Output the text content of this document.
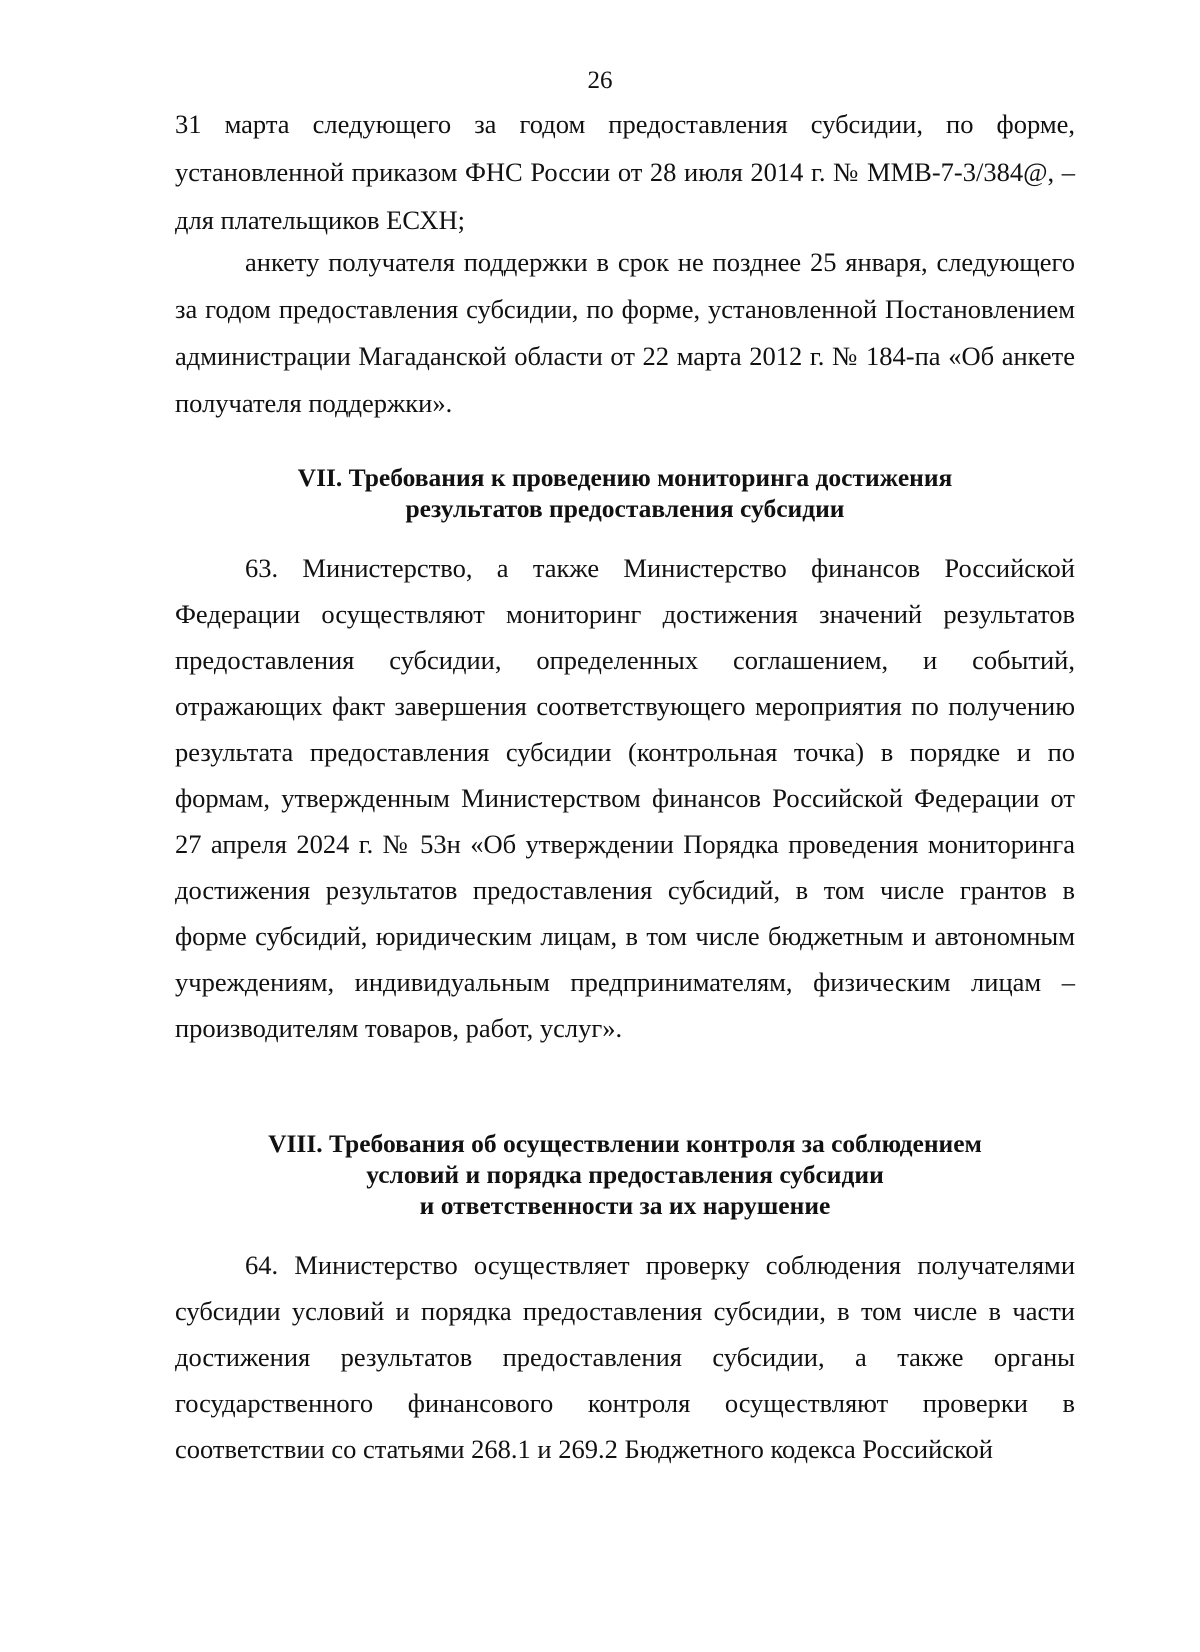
26

31 марта следующего за годом предоставления субсидии, по форме, установленной приказом ФНС России от 28 июля 2014 г. № ММВ-7-3/384@, – для плательщиков ЕСХН;

анкету получателя поддержки в срок не позднее 25 января, следующего за годом предоставления субсидии, по форме, установленной Постановлением администрации Магаданской области от 22 марта 2012 г. № 184-па «Об анкете получателя поддержки».

VII. Требования к проведению мониторинга достижения
результатов предоставления субсидии

63. Министерство, а также Министерство финансов Российской Федерации осуществляют мониторинг достижения значений результатов предоставления субсидии, определенных соглашением, и событий, отражающих факт завершения соответствующего мероприятия по получению результата предоставления субсидии (контрольная точка) в порядке и по формам, утвержденным Министерством финансов Российской Федерации от 27 апреля 2024 г. № 53н «Об утверждении Порядка проведения мониторинга достижения результатов предоставления субсидий, в том числе грантов в форме субсидий, юридическим лицам, в том числе бюджетным и автономным учреждениям, индивидуальным предпринимателям, физическим лицам – производителям товаров, работ, услуг».

VIII. Требования об осуществлении контроля за соблюдением
условий и порядка предоставления субсидии
и ответственности за их нарушение

64. Министерство осуществляет проверку соблюдения получателями субсидии условий и порядка предоставления субсидии, в том числе в части достижения результатов предоставления субсидии, а также органы государственного финансового контроля осуществляют проверки в соответствии со статьями 268.1 и 269.2 Бюджетного кодекса Российской
